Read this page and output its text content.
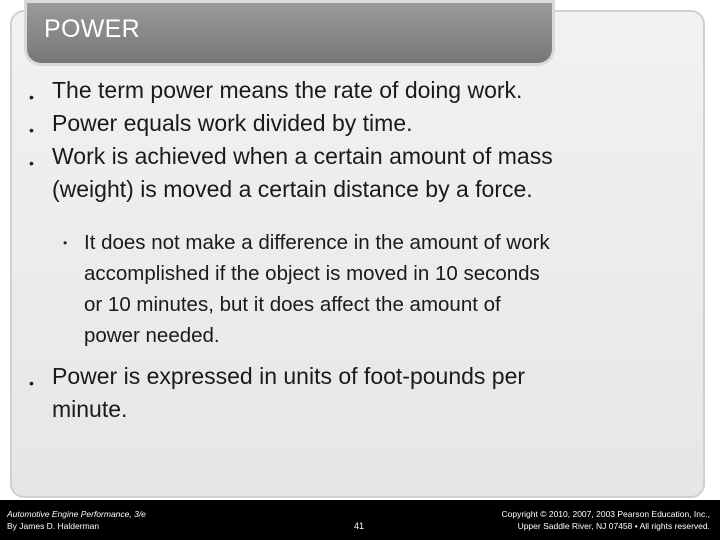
POWER
• The term power means the rate of doing work.
• Power equals work divided by time.
• Work is achieved when a certain amount of mass
(weight) is moved a certain distance by a force.
• It does not make a difference in the amount of work
accomplished if the object is moved in 10 seconds
or 10 minutes, but it does affect the amount of
power needed.
• Power is expressed in units of foot-pounds per
minute.
Automotive Engine Performance, 3/e
By James D. Halderman	41
Copyright © 2010, 2007, 2003 Pearson Education, Inc.,
Upper Saddle River, NJ 07458 • All rights reserved.
